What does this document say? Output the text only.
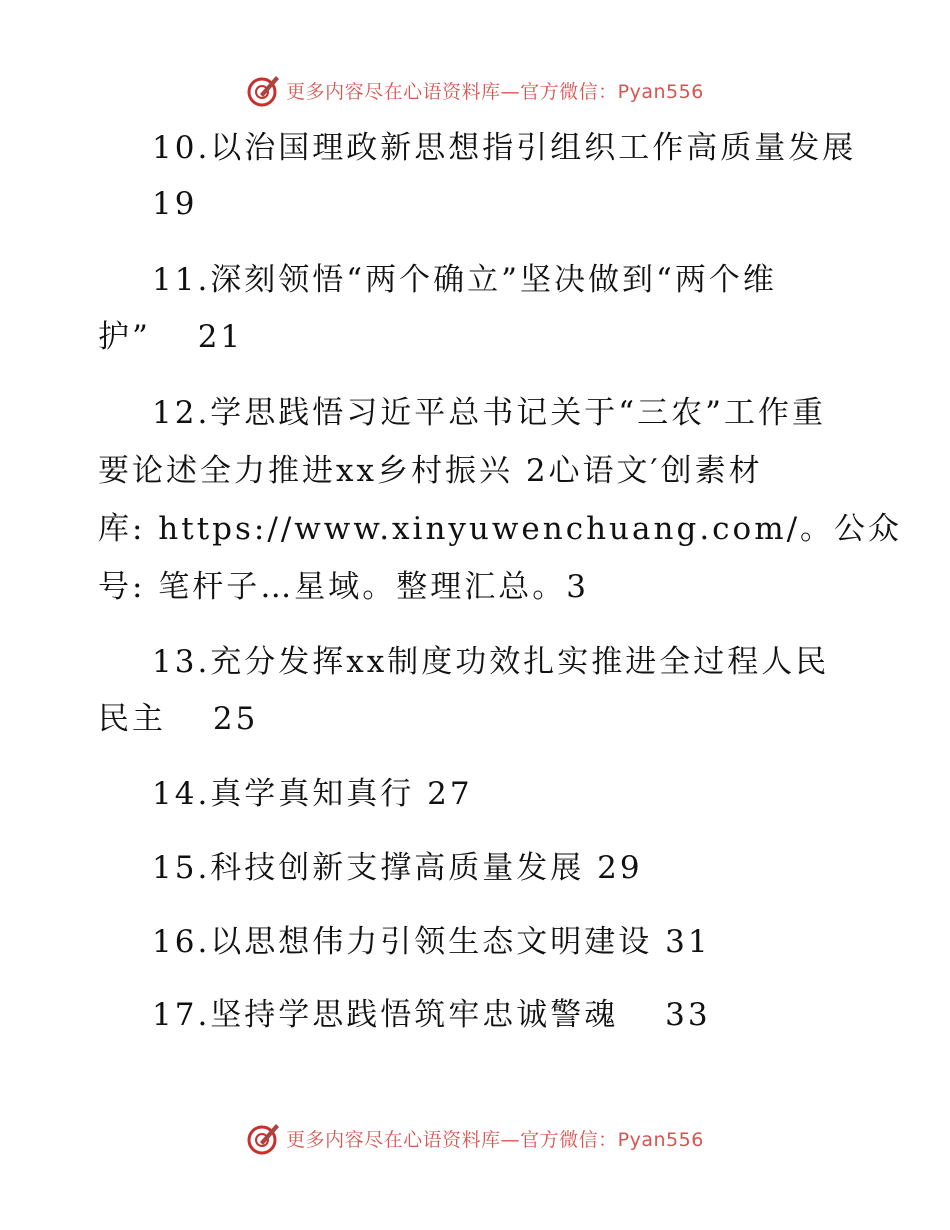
更多内容尽在心语资料库—官方微信：Pyan556
10.以治国理政新思想指引组织工作高质量发展
19
11.深刻领悟“两个确立”坚决做到“两个维
护”　 21
12.学思践悟习近平总书记关于“三农”工作重
要论述全力推进xx乡村振兴 2心语文′创素材
库: https://www.xinyuwenchuang.com/。公众
号: 笔杆子…星域。整理汇总。3
13.充分发挥xx制度功效扎实推进全过程人民
民主　 25
14.真学真知真行 27
15.科技创新支撑高质量发展 29
16.以思想伟力引领生态文明建设 31
17.坚持学思践悟筑牢忠诚警魂　 33
更多内容尽在心语资料库—官方微信：Pyan556
